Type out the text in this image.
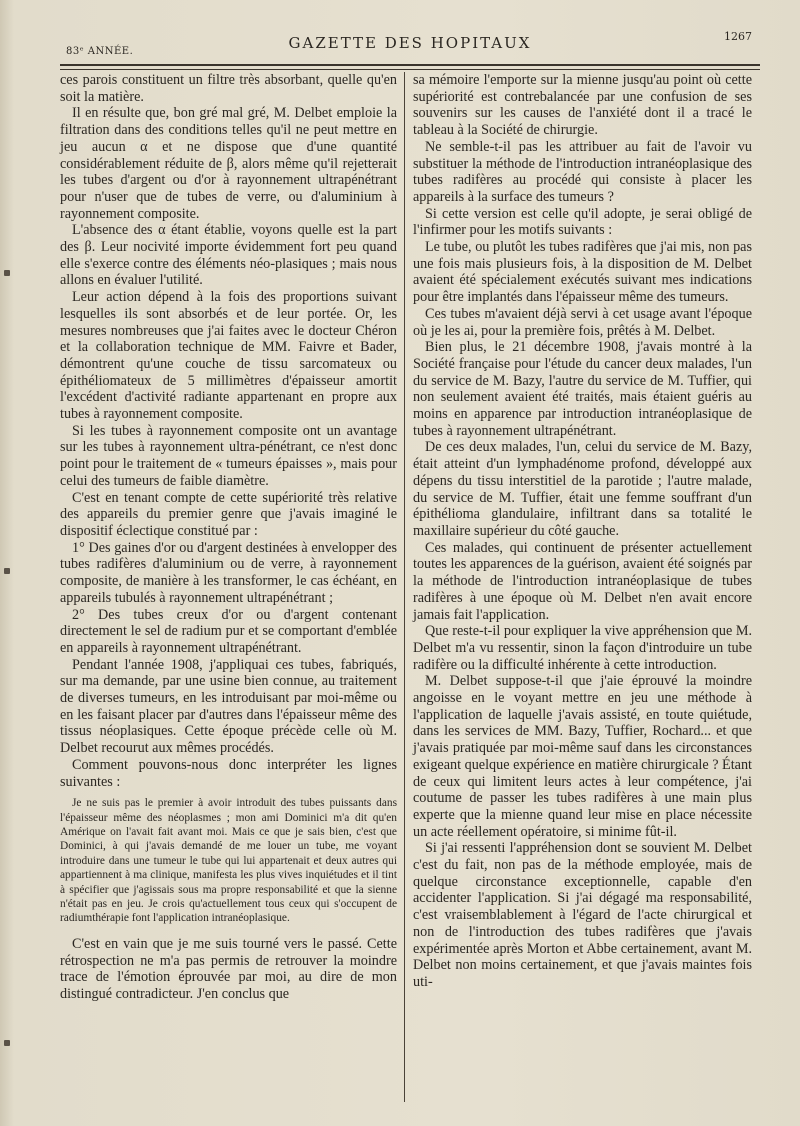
83ᵉ ANNÉE.	GAZETTE DES HOPITAUX	1267

ces parois constituent un filtre très absorbant, quelle qu'en soit la matière.

Il en résulte que, bon gré mal gré, M. Delbet emploie la filtration dans des conditions telles qu'il ne peut mettre en jeu aucun α et ne dispose que d'une quantité considérablement réduite de β, alors même qu'il rejetterait les tubes d'argent ou d'or à rayonnement ultrapénétrant pour n'user que de tubes de verre, ou d'aluminium à rayonnement composite.

L'absence des α étant établie, voyons quelle est la part des β. Leur nocivité importe évidemment fort peu quand elle s'exerce contre des éléments néo-plasiques ; mais nous allons en évaluer l'utilité.

Leur action dépend à la fois des proportions suivant lesquelles ils sont absorbés et de leur portée. Or, les mesures nombreuses que j'ai faites avec le docteur Chéron et la collaboration technique de MM. Faivre et Bader, démontrent qu'une couche de tissu sarcomateux ou épithéliomateux de 5 millimètres d'épaisseur amortit l'excédent d'activité radiante appartenant en propre aux tubes à rayonnement composite.

Si les tubes à rayonnement composite ont un avantage sur les tubes à rayonnement ultra-pénétrant, ce n'est donc point pour le traitement de « tumeurs épaisses », mais pour celui des tumeurs de faible diamètre.

C'est en tenant compte de cette supériorité très relative des appareils du premier genre que j'avais imaginé le dispositif éclectique constitué par :

1° Des gaines d'or ou d'argent destinées à envelopper des tubes radifères d'aluminium ou de verre, à rayonnement composite, de manière à les transformer, le cas échéant, en appareils tubulés à rayonnement ultrapénétrant ;

2° Des tubes creux d'or ou d'argent contenant directement le sel de radium pur et se comportant d'emblée en appareils à rayonnement ultrapénétrant.

Pendant l'année 1908, j'appliquai ces tubes, fabriqués, sur ma demande, par une usine bien connue, au traitement de diverses tumeurs, en les introduisant par moi-même ou en les faisant placer par d'autres dans l'épaisseur même des tissus néoplasiques. Cette époque précède celle où M. Delbet recourut aux mêmes procédés.

Comment pouvons-nous donc interpréter les lignes suivantes :

Je ne suis pas le premier à avoir introduit des tubes puissants dans l'épaisseur même des néoplasmes ; mon ami Dominici m'a dit qu'en Amérique on l'avait fait avant moi. Mais ce que je sais bien, c'est que Dominici, à qui j'avais demandé de me louer un tube, me voyant introduire dans une tumeur le tube qui lui appartenait et deux autres qui appartiennent à ma clinique, manifesta les plus vives inquiétudes et il tint à spécifier que j'agissais sous ma propre responsabilité et que la sienne n'était pas en jeu. Je crois qu'actuellement tous ceux qui s'occupent de radiumthérapie font l'application intranéoplasique.

C'est en vain que je me suis tourné vers le passé. Cette rétrospection ne m'a pas permis de retrouver la moindre trace de l'émotion éprouvée par moi, au dire de mon distingué contradicteur. J'en conclus que

sa mémoire l'emporte sur la mienne jusqu'au point où cette supériorité est contrebalancée par une confusion de ses souvenirs sur les causes de l'anxiété dont il a tracé le tableau à la Société de chirurgie.

Ne semble-t-il pas les attribuer au fait de l'avoir vu substituer la méthode de l'introduction intranéoplasique des tubes radifères au procédé qui consiste à placer les appareils à la surface des tumeurs ?

Si cette version est celle qu'il adopte, je serai obligé de l'infirmer pour les motifs suivants :

Le tube, ou plutôt les tubes radifères que j'ai mis, non pas une fois mais plusieurs fois, à la disposition de M. Delbet avaient été spécialement exécutés suivant mes indications pour être implantés dans l'épaisseur même des tumeurs.

Ces tubes m'avaient déjà servi à cet usage avant l'époque où je les ai, pour la première fois, prêtés à M. Delbet.

Bien plus, le 21 décembre 1908, j'avais montré à la Société française pour l'étude du cancer deux malades, l'un du service de M. Bazy, l'autre du service de M. Tuffier, qui non seulement avaient été traités, mais étaient guéris au moins en apparence par introduction intranéoplasique de tubes à rayonnement ultrapénétrant.

De ces deux malades, l'un, celui du service de M. Bazy, était atteint d'un lymphadénome profond, développé aux dépens du tissu interstitiel de la parotide ; l'autre malade, du service de M. Tuffier, était une femme souffrant d'un épithélioma glandulaire, infiltrant dans sa totalité le maxillaire supérieur du côté gauche.

Ces malades, qui continuent de présenter actuellement toutes les apparences de la guérison, avaient été soignés par la méthode de l'introduction intranéoplasique de tubes radifères à une époque où M. Delbet n'en avait encore jamais fait l'application.

Que reste-t-il pour expliquer la vive appréhension que M. Delbet m'a vu ressentir, sinon la façon d'introduire un tube radifère ou la difficulté inhérente à cette introduction.

M. Delbet suppose-t-il que j'aie éprouvé la moindre angoisse en le voyant mettre en jeu une méthode à l'application de laquelle j'avais assisté, en toute quiétude, dans les services de MM. Bazy, Tuffier, Rochard... et que j'avais pratiquée par moi-même sauf dans les circonstances exigeant quelque expérience en matière chirurgicale ? Étant de ceux qui limitent leurs actes à leur compétence, j'ai coutume de passer les tubes radifères à une main plus experte que la mienne quand leur mise en place nécessite un acte réellement opératoire, si minime fût-il.

Si j'ai ressenti l'appréhension dont se souvient M. Delbet c'est du fait, non pas de la méthode employée, mais de quelque circonstance exceptionnelle, capable d'en accidenter l'application. Si j'ai dégagé ma responsabilité, c'est vraisemblablement à l'égard de l'acte chirurgical et non de l'introduction des tubes radifères que j'avais expérimentée après Morton et Abbe certainement, avant M. Delbet non moins certainement, et que j'avais maintes fois uti-
